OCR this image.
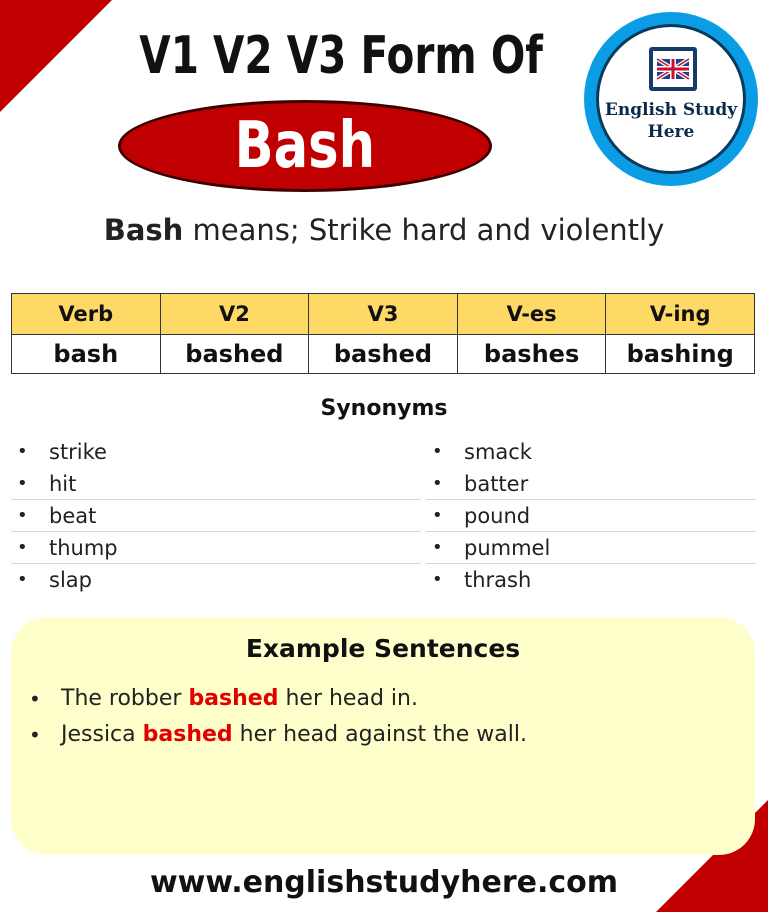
V1 V2 V3 Form Of
Bash	English Study
Here
Bash means; Strike hard and violently
Verb	V2	V3	V-es	V-ing
bash	bashed	bashed	bashes	bashing
Synonyms
• strike
• hit
• beat
• thump
• slap
• smack
• batter
• pound
• pummel
• thrash
Example Sentences
• The robber bashed her head in.
• Jessica bashed her head against the wall.
www.englishstudyhere.com
